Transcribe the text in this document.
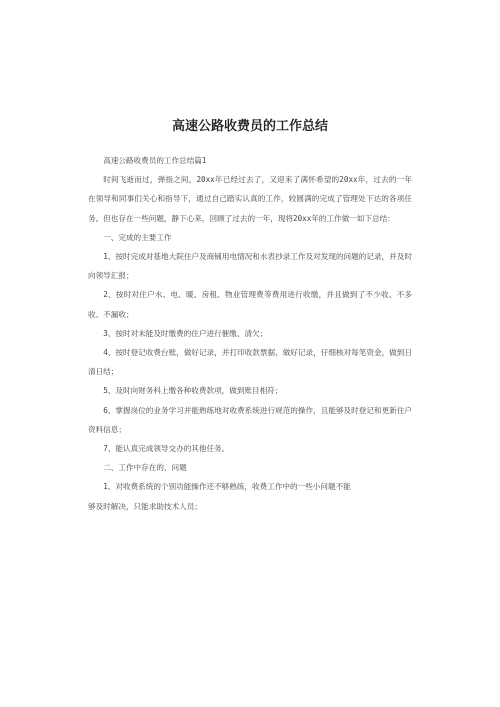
高速公路收费员的工作总结

高速公路收费员的工作总结篇1

时间飞逝而过，弹指之间，20xx年已经过去了，又迎来了满怀希望的20xx年，过去的一年在领导和同事们关心和指导下，通过自己踏实认真的工作，较圆满的完成了管理处下达的各项任务。但也存在一些问题，静下心来，回顾了过去的一年，现将20xx年的工作做一如下总结：

一、完成的主要工作

1、按时完成对基地大院住户及商铺用电情况和水表抄录工作及对发现的问题的记录，并及时向领导汇报；

2、按时对住户水、电、暖、房租、物业管理费等费用进行收缴，并且做到了不少收、不多收、不漏收；

3、按时对未能及时缴费的住户进行催缴、清欠；

4、按时登记收费台账，做好记录，并打印收款票据、做好记录，仔细核对每笔资金，做到日清日结；

5、及时向财务科上缴各种收费款项，做到账目相符；

6、掌握岗位的业务学习并能熟练地对收费系统进行规范的操作，且能够及时登记和更新住户资料信息；

7、能认真完成领导交办的其他任务。

二、工作中存在的、问题

1、对收费系统的个别功能操作还不够熟练，收费工作中的一些小问题不能

够及时解决，只能求助技术人员；
